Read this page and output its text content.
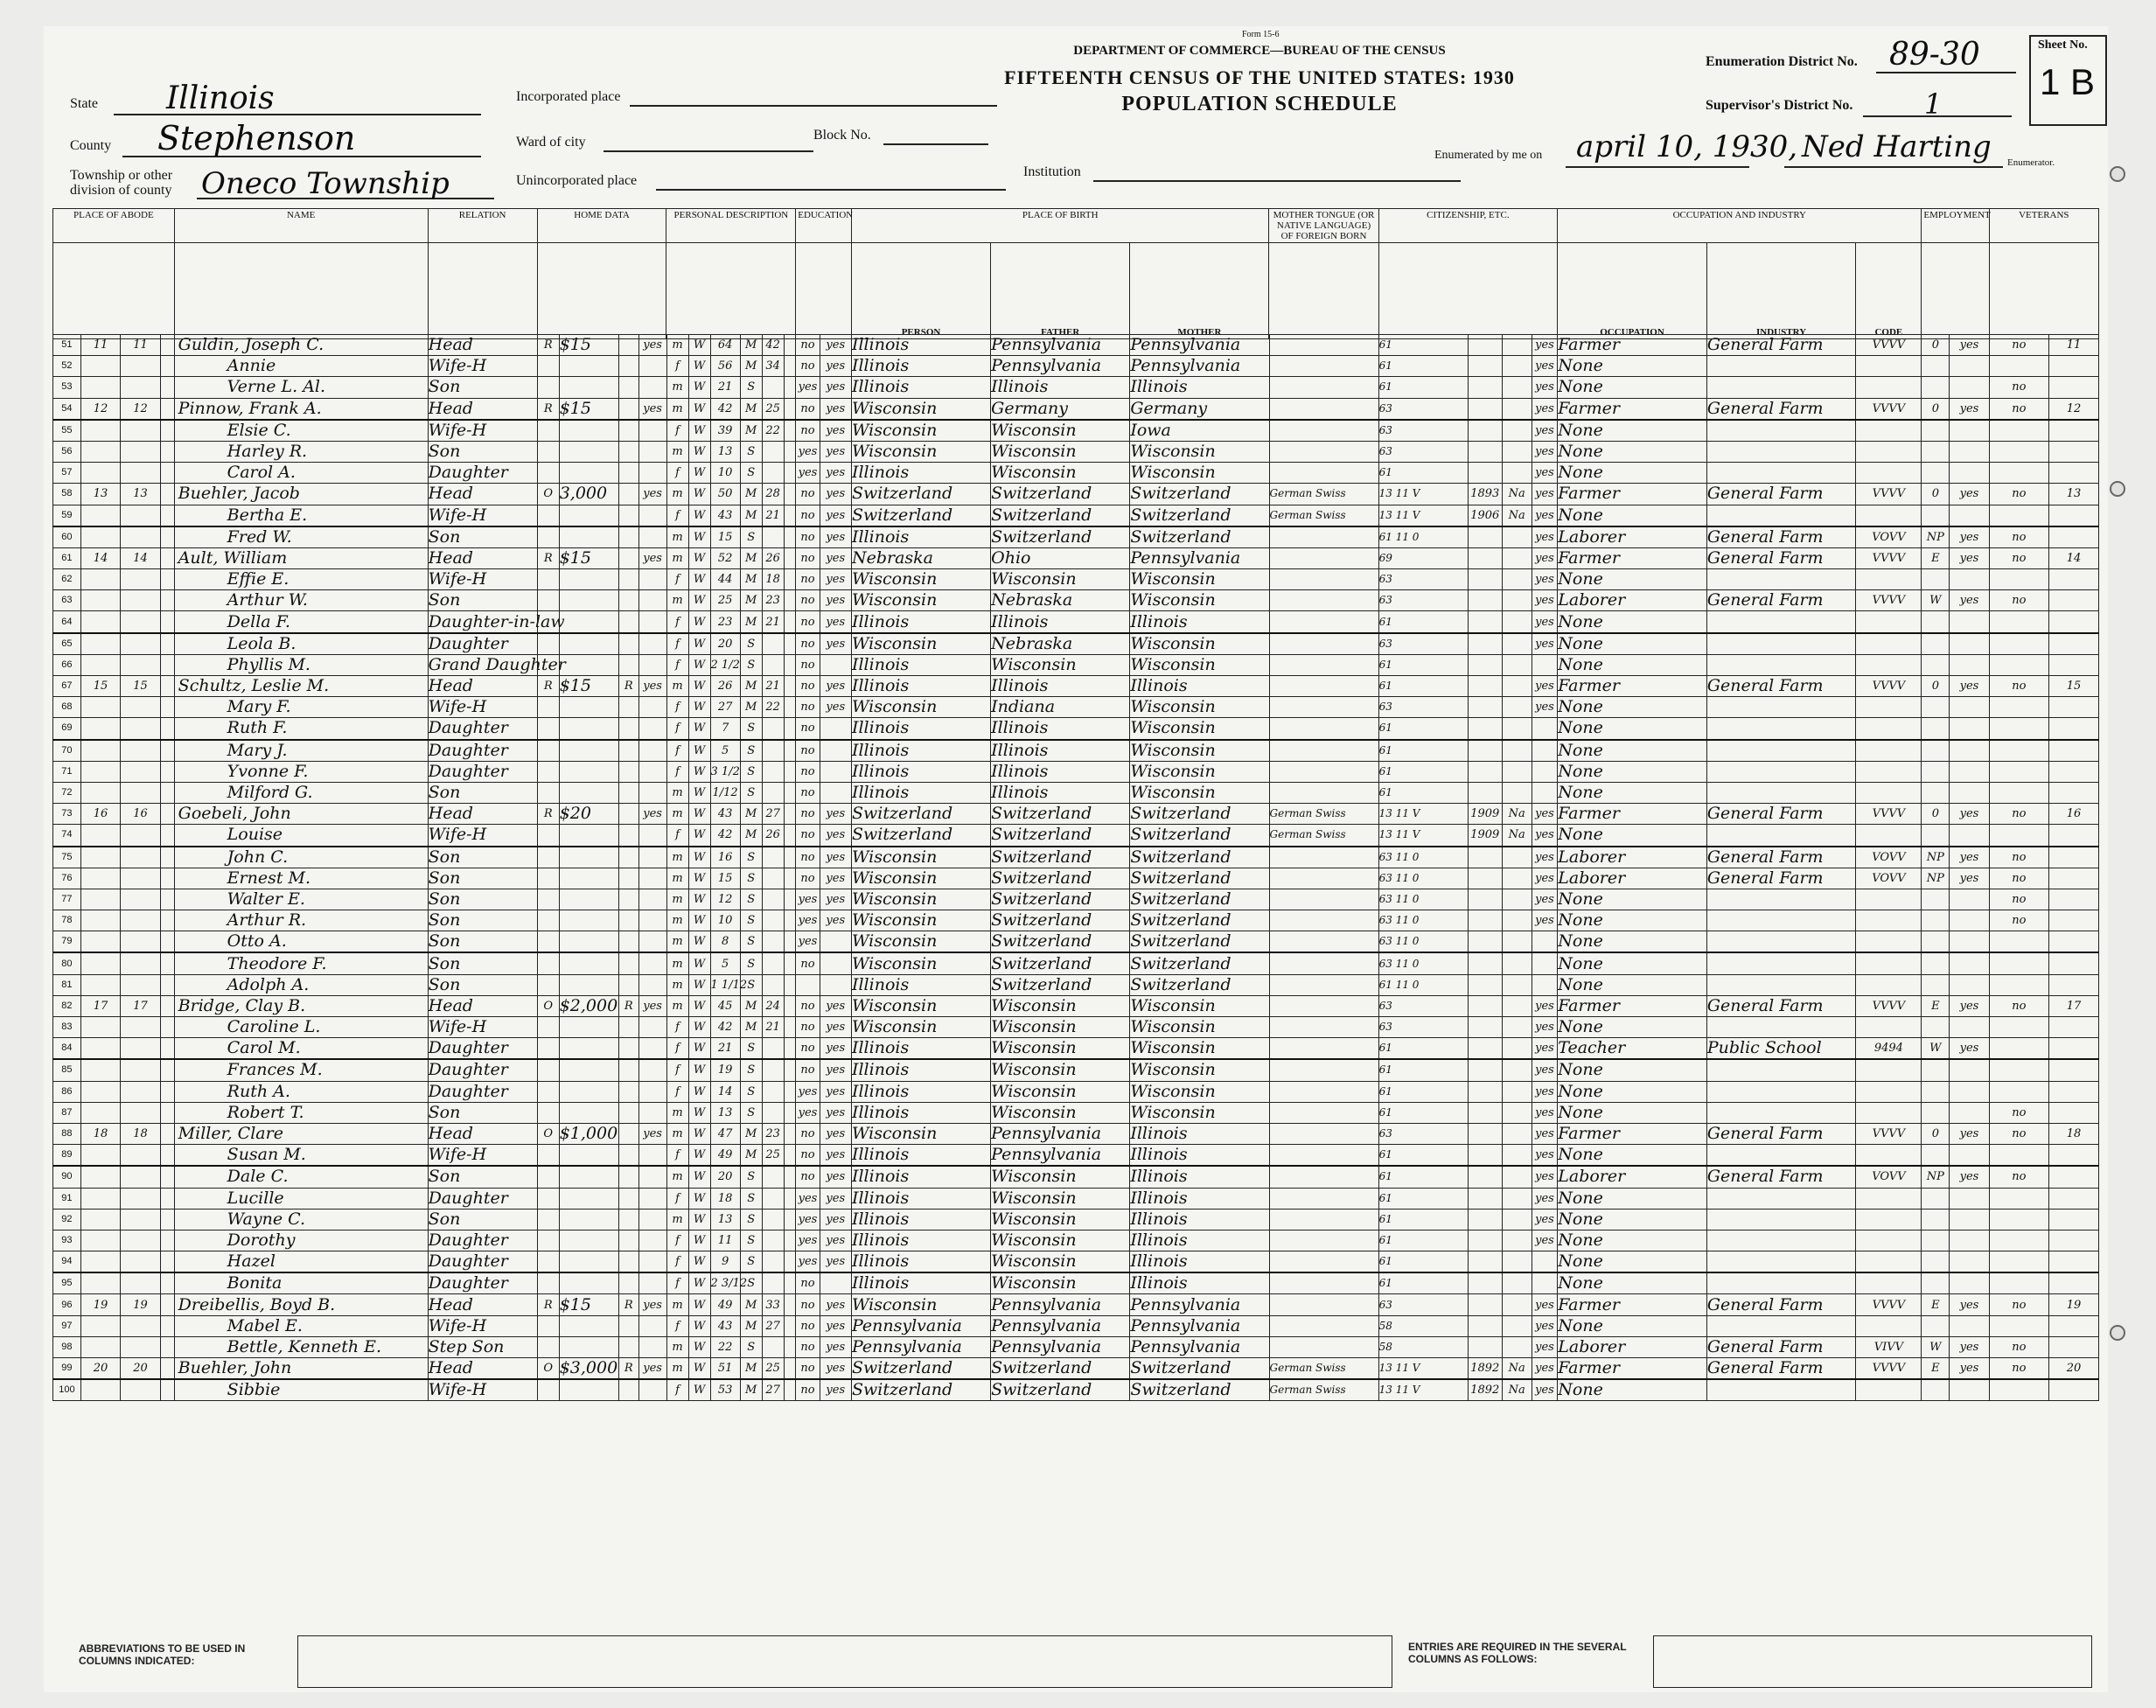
Form 15-6
DEPARTMENT OF COMMERCE—BUREAU OF THE CENSUS
FIFTEENTH CENSUS OF THE UNITED STATES: 1930
POPULATION SCHEDULE
State Illinois
County Stephenson
Township or other division of county Oneco Township
Incorporated place
Ward of city	Block No.
Unincorporated place
Institution
Enumeration District No. 89-30
Supervisor's District No.	1
Sheet No.
1 B
Enumerated by me on april 10, 1930, Ned Harting Enumerator.
PLACE OF ABODE	NAME	RELATION	HOME DATA	PERSONAL DESCRIPTION	EDUCATION	PLACE OF BIRTH			MOTHER TONGUE (OR NATIVE LANGUAGE) OF FOREIGN BORN	CITIZENSHIP, ETC.	OCCUPATION AND INDUSTRY			EMPLOYMENT	VETERANS
						PERSON	FATHER	MOTHER			OCCUPATION	INDUSTRY	CODE		
51	11	11		Guldin, Joseph C.	Head	R	$15		yes	m	W	64	M	42		no	yes	Illinois	Pennsylvania	Pennsylvania		61			yes	Farmer	General Farm	VVVV	0	yes	no	11
52				Annie	Wife-H					f	W	56	M	34		no	yes	Illinois	Pennsylvania	Pennsylvania		61			yes	None						
53				Verne L. Al.	Son					m	W	21	S			yes	yes	Illinois	Illinois	Illinois		61			yes	None					no	
54	12	12		Pinnow, Frank A.	Head	R	$15		yes	m	W	42	M	25		no	yes	Wisconsin	Germany	Germany		63			yes	Farmer	General Farm	VVVV	0	yes	no	12
55				Elsie C.	Wife-H					f	W	39	M	22		no	yes	Wisconsin	Wisconsin	Iowa		63			yes	None						
56				Harley R.	Son					m	W	13	S			yes	yes	Wisconsin	Wisconsin	Wisconsin		63			yes	None						
57				Carol A.	Daughter					f	W	10	S			yes	yes	Illinois	Wisconsin	Wisconsin		61			yes	None						
58	13	13		Buehler, Jacob	Head	O	3,000		yes	m	W	50	M	28		no	yes	Switzerland	Switzerland	Switzerland	German Swiss	13 11 V	1893	Na	yes	Farmer	General Farm	VVVV	0	yes	no	13
59				Bertha E.	Wife-H					f	W	43	M	21		no	yes	Switzerland	Switzerland	Switzerland	German Swiss	13 11 V	1906	Na	yes	None						
60				Fred W.	Son					m	W	15	S			no	yes	Illinois	Switzerland	Switzerland		61 11 0			yes	Laborer	General Farm	VOVV	NP	yes	no	
61	14	14		Ault, William	Head	R	$15		yes	m	W	52	M	26		no	yes	Nebraska	Ohio	Pennsylvania		69			yes	Farmer	General Farm	VVVV	E	yes	no	14
62				Effie E.	Wife-H					f	W	44	M	18		no	yes	Wisconsin	Wisconsin	Wisconsin		63			yes	None						
63				Arthur W.	Son					m	W	25	M	23		no	yes	Wisconsin	Nebraska	Wisconsin		63			yes	Laborer	General Farm	VVVV	W	yes	no	
64				Della F.	Daughter-in-law					f	W	23	M	21		no	yes	Illinois	Illinois	Illinois		61			yes	None						
65				Leola B.	Daughter					f	W	20	S			no	yes	Wisconsin	Nebraska	Wisconsin		63			yes	None						
66				Phyllis M.	Grand Daughter					f	W	2 1/2	S			no		Illinois	Wisconsin	Wisconsin		61				None						
67	15	15		Schultz, Leslie M.	Head	R	$15	R	yes	m	W	26	M	21		no	yes	Illinois	Illinois	Illinois		61			yes	Farmer	General Farm	VVVV	0	yes	no	15
68				Mary F.	Wife-H					f	W	27	M	22		no	yes	Wisconsin	Indiana	Wisconsin		63			yes	None						
69				Ruth F.	Daughter					f	W	7	S			no		Illinois	Illinois	Wisconsin		61				None						
70				Mary J.	Daughter					f	W	5	S			no		Illinois	Illinois	Wisconsin		61				None						
71				Yvonne F.	Daughter					f	W	3 1/2	S			no		Illinois	Illinois	Wisconsin		61				None						
72				Milford G.	Son					m	W	1/12	S			no		Illinois	Illinois	Wisconsin		61				None						
73	16	16		Goebeli, John	Head	R	$20		yes	m	W	43	M	27		no	yes	Switzerland	Switzerland	Switzerland	German Swiss	13 11 V	1909	Na	yes	Farmer	General Farm	VVVV	0	yes	no	16
74				Louise	Wife-H					f	W	42	M	26		no	yes	Switzerland	Switzerland	Switzerland	German Swiss	13 11 V	1909	Na	yes	None						
75				John C.	Son					m	W	16	S			no	yes	Wisconsin	Switzerland	Switzerland		63 11 0			yes	Laborer	General Farm	VOVV	NP	yes	no	
76				Ernest M.	Son					m	W	15	S			no	yes	Wisconsin	Switzerland	Switzerland		63 11 0			yes	Laborer	General Farm	VOVV	NP	yes	no	
77				Walter E.	Son					m	W	12	S			yes	yes	Wisconsin	Switzerland	Switzerland		63 11 0			yes	None					no	
78				Arthur R.	Son					m	W	10	S			yes	yes	Wisconsin	Switzerland	Switzerland		63 11 0			yes	None					no	
79				Otto A.	Son					m	W	8	S			yes		Wisconsin	Switzerland	Switzerland		63 11 0				None						
80				Theodore F.	Son					m	W	5	S			no		Wisconsin	Switzerland	Switzerland		63 11 0				None						
81				Adolph A.	Son					m	W	1 1/12	S					Illinois	Switzerland	Switzerland		61 11 0				None						
82	17	17		Bridge, Clay B.	Head	O	$2,000	R	yes	m	W	45	M	24		no	yes	Wisconsin	Wisconsin	Wisconsin		63			yes	Farmer	General Farm	VVVV	E	yes	no	17
83				Caroline L.	Wife-H					f	W	42	M	21		no	yes	Wisconsin	Wisconsin	Wisconsin		63			yes	None						
84				Carol M.	Daughter					f	W	21	S			no	yes	Illinois	Wisconsin	Wisconsin		61			yes	Teacher	Public School	9494	W	yes		
85				Frances M.	Daughter					f	W	19	S			no	yes	Illinois	Wisconsin	Wisconsin		61			yes	None						
86				Ruth A.	Daughter					f	W	14	S			yes	yes	Illinois	Wisconsin	Wisconsin		61			yes	None						
87				Robert T.	Son					m	W	13	S			yes	yes	Illinois	Wisconsin	Wisconsin		61			yes	None					no	
88	18	18		Miller, Clare	Head	O	$1,000		yes	m	W	47	M	23		no	yes	Wisconsin	Pennsylvania	Illinois		63			yes	Farmer	General Farm	VVVV	0	yes	no	18
89				Susan M.	Wife-H					f	W	49	M	25		no	yes	Illinois	Pennsylvania	Illinois		61			yes	None						
90				Dale C.	Son					m	W	20	S			no	yes	Illinois	Wisconsin	Illinois		61			yes	Laborer	General Farm	VOVV	NP	yes	no	
91				Lucille	Daughter					f	W	18	S			yes	yes	Illinois	Wisconsin	Illinois		61			yes	None						
92				Wayne C.	Son					m	W	13	S			yes	yes	Illinois	Wisconsin	Illinois		61			yes	None						
93				Dorothy	Daughter					f	W	11	S			yes	yes	Illinois	Wisconsin	Illinois		61			yes	None						
94				Hazel	Daughter					f	W	9	S			yes	yes	Illinois	Wisconsin	Illinois		61				None						
95				Bonita	Daughter					f	W	2 3/12	S			no		Illinois	Wisconsin	Illinois		61				None						
96	19	19		Dreibellis, Boyd B.	Head	R	$15	R	yes	m	W	49	M	33		no	yes	Wisconsin	Pennsylvania	Pennsylvania		63			yes	Farmer	General Farm	VVVV	E	yes	no	19
97				Mabel E.	Wife-H					f	W	43	M	27		no	yes	Pennsylvania	Pennsylvania	Pennsylvania		58			yes	None						
98				Bettle, Kenneth E.	Step Son					m	W	22	S			no	yes	Pennsylvania	Pennsylvania	Pennsylvania		58			yes	Laborer	General Farm	VIVV	W	yes	no	
99	20	20		Buehler, John	Head	O	$3,000	R	yes	m	W	51	M	25		no	yes	Switzerland	Switzerland	Switzerland	German Swiss	13 11 V	1892	Na	yes	Farmer	General Farm	VVVV	E	yes	no	20
100				Sibbie	Wife-H					f	W	53	M	27		no	yes	Switzerland	Switzerland	Switzerland	German Swiss	13 11 V	1892	Na	yes	None						
ABBREVIATIONS TO BE USED IN COLUMNS INDICATED:
ENTRIES ARE REQUIRED IN THE SEVERAL COLUMNS AS FOLLOWS:
